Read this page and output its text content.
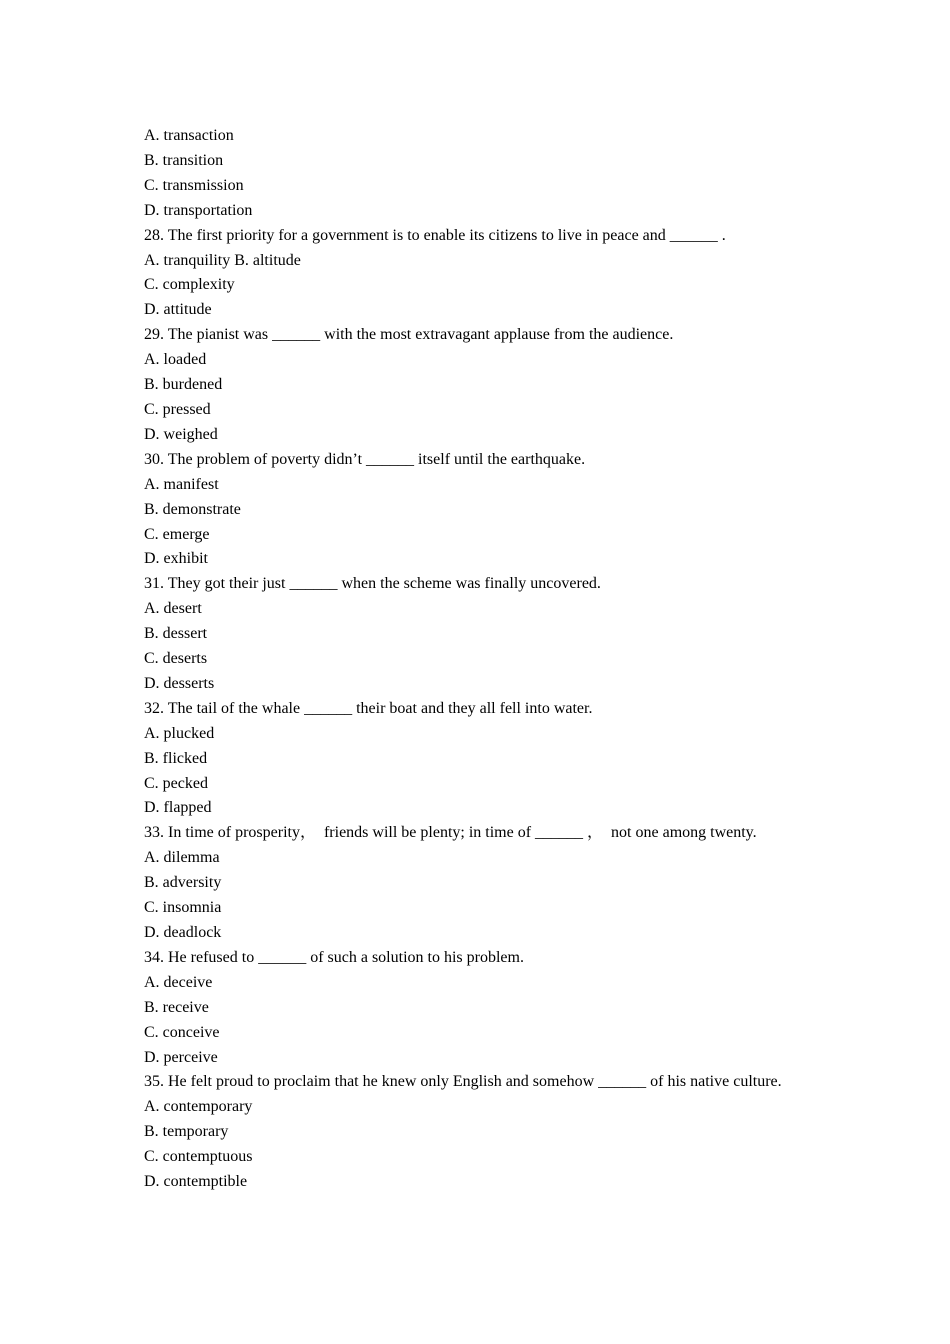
A. transaction

B. transition

C. transmission

D. transportation

28. The first priority for a government is to enable its citizens to live in peace and ______ .

A. tranquility B. altitude

C. complexity

D. attitude

29. The pianist was ______ with the most extravagant applause from the audience.

A. loaded

B. burdened

C. pressed

D. weighed

30. The problem of poverty didn’t ______ itself until the earthquake.

A. manifest

B. demonstrate

C. emerge

D. exhibit

31. They got their just ______ when the scheme was finally uncovered.

A. desert

B. dessert

C. deserts

D. desserts

32. The tail of the whale ______ their boat and they all fell into water.

A. plucked

B. flicked

C. pecked

D. flapped

33. In time of prosperity，  friends will be plenty; in time of ______ ，  not one among twenty.

A. dilemma

B. adversity

C. insomnia

D. deadlock

34. He refused to ______ of such a solution to his problem.

A. deceive

B. receive

C. conceive

D. perceive

35. He felt proud to proclaim that he knew only English and somehow ______ of his native culture.

A. contemporary

B. temporary

C. contemptuous

D. contemptible
